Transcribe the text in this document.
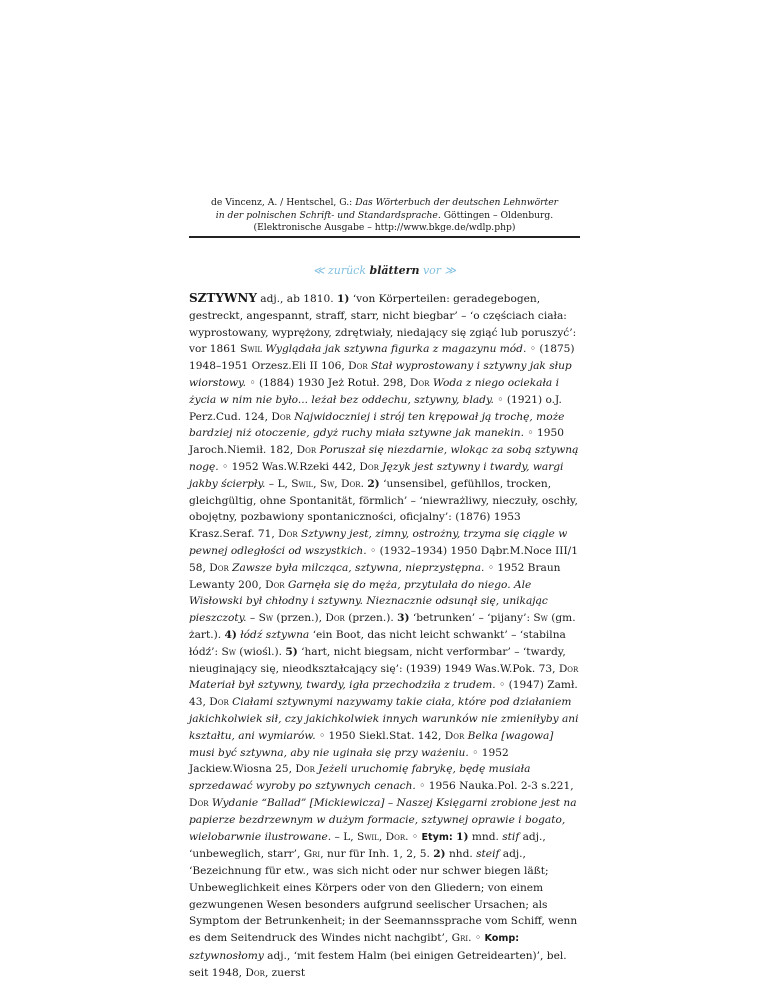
de Vincenz, A. / Hentschel, G.: Das Wörterbuch der deutschen Lehnwörter
in der polnischen Schrift- und Standardsprache. Göttingen – Oldenburg.
(Elektronische Ausgabe – http://www.bkge.de/wdlp.php)
≪ zurück blättern vor ≫
SZTYWNY adj., ab 1810. 1) ‘von Körperteilen: geradegebogen, gestreckt, angespannt, straff, starr, nicht biegbar’ – ‘o częściach ciała: wyprostowany, wyprężony, zdrętwiały, niedający się zgiąć lub poruszyć’: vor 1861 Swil Wyglądała jak sztywna figurka z magazynu mód. ◦ (1875) 1948–1951 Orzesz.Eli II 106, Dor Stał wyprostowany i sztywny jak słup wiorstowy. ◦ (1884) 1930 Jeż Rotuł. 298, Dor Woda z niego ociekała i życia w nim nie było... leżał bez oddechu, sztywny, blady. ◦ (1921) o.J. Perz.Cud. 124, Dor Najwidoczniej i strój ten krępował ją trochę, może bardziej niż otoczenie, gdyż ruchy miała sztywne jak manekin. ◦ 1950 Jaroch.Niemił. 182, Dor Poruszał się niezdarnie, wlokąc za sobą sztywną nogę. ◦ 1952 Was.W.Rzeki 442, Dor Język jest sztywny i twardy, wargi jakby ścierpły. – L, Swil, Sw, Dor. 2) ‘unsensibel, gefühllos, trocken, gleichgültig, ohne Spontanität, förmlich’ – ‘niewrażliwy, nieczuły, oschły, obojętny, pozbawiony spontaniczności, oficjalny’: (1876) 1953 Krasz.Seraf. 71, Dor Sztywny jest, zimny, ostrożny, trzyma się ciągle w pewnej odległości od wszystkich. ◦ (1932–1934) 1950 Dąbr.M.Noce III/1 58, Dor Zawsze była milcząca, sztywna, nieprzystępna. ◦ 1952 Braun Lewanty 200, Dor Garnęła się do męża, przytulała do niego. Ale Wisłowski był chłodny i sztywny. Nieznacznie odsunął się, unikając pieszczoty. – Sw (przen.), Dor (przen.). 3) ‘betrunken’ – ‘pijany’: Sw (gm. żart.). 4) łódź sztywna ‘ein Boot, das nicht leicht schwankt’ – ‘stabilna łódź’: Sw (wiośl.). 5) ‘hart, nicht biegsam, nicht verformbar’ – ‘twardy, nieuginający się, nieodkształcający się’: (1939) 1949 Was.W.Pok. 73, Dor Materiał był sztywny, twardy, igła przechodziła z trudem. ◦ (1947) Zamł. 43, Dor Ciałami sztywnymi nazywamy takie ciała, które pod działaniem jakichkolwiek sił, czy jakichkolwiek innych warunków nie zmieniłyby ani kształtu, ani wymiarów. ◦ 1950 Siekl.Stat. 142, Dor Belka [wagowa] musi być sztywna, aby nie uginała się przy ważeniu. ◦ 1952 Jackiew.Wiosna 25, Dor Jeżeli uruchomię fabrykę, będę musiała sprzedawać wyroby po sztywnych cenach. ◦ 1956 Nauka.Pol. 2-3 s.221, Dor Wydanie “Ballad” [Mickiewicza] – Naszej Księgarni zrobione jest na papierze bezdrzewnym w dużym formacie, sztywnej oprawie i bogato, wielobarwnie ilustrowane. – L, Swil, Dor. ◦ Etym: 1) mnd. stif adj., ‘unbeweglich, starr’, Gri, nur für Inh. 1, 2, 5. 2) nhd. steif adj., ‘Bezeichnung für etw., was sich nicht oder nur schwer biegen läßt; Unbeweglichkeit eines Körpers oder von den Gliedern; von einem gezwungenen Wesen besonders aufgrund seelischer Ursachen; als Symptom der Betrunkenheit; in der Seemannssprache vom Schiff, wenn es dem Seitendruck des Windes nicht nachgibt’, Gri. ◦ Komp: sztywnosłomy adj., ‘mit festem Halm (bei einigen Getreidearten)’, bel. seit 1948, Dor, zuerst
